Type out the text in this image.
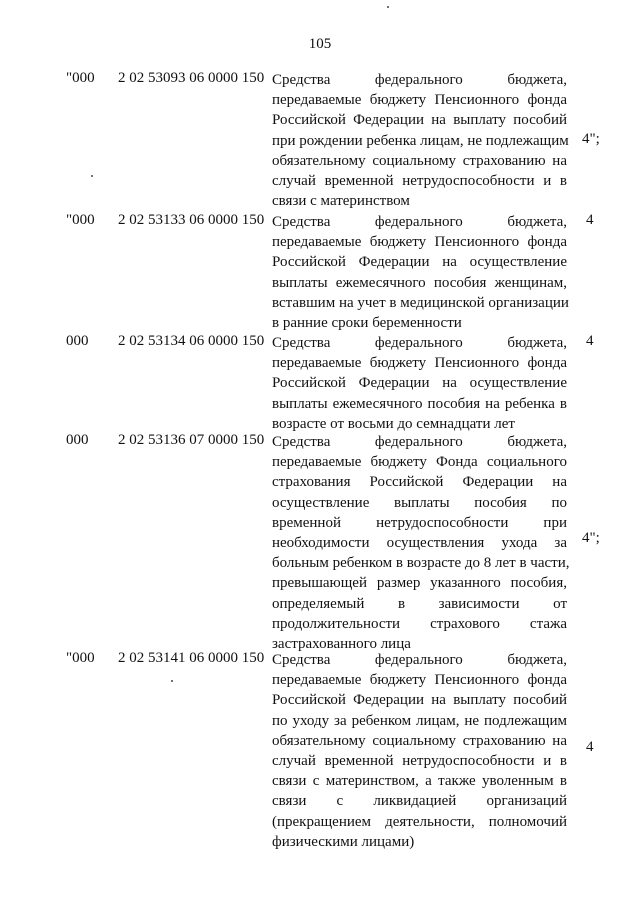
105
"000 2 02 53093 06 0000 150 Средства федерального бюджета,
передаваемые бюджету Пенсионного фонда
Российской Федерации на выплату пособий
при рождении ребенка лицам, не подлежащим
обязательному социальному страхованию на
случай временной нетрудоспособности и в
связи с материнством
4";
"000 2 02 53133 06 0000 150 Средства федерального бюджета,
передаваемые бюджету Пенсионного фонда
Российской Федерации на осуществление
выплаты ежемесячного пособия женщинам,
вставшим на учет в медицинской организации
в ранние сроки беременности
4
000 2 02 53134 06 0000 150 Средства федерального бюджета,
передаваемые бюджету Пенсионного фонда
Российской Федерации на осуществление
выплаты ежемесячного пособия на ребенка в
возрасте от восьми до семнадцати лет
4
000 2 02 53136 07 0000 150 Средства федерального бюджета,
передаваемые бюджету Фонда социального
страхования Российской Федерации на
осуществление выплаты пособия по
временной нетрудоспособности при
необходимости осуществления ухода за
больным ребенком в возрасте до 8 лет в части,
превышающей размер указанного пособия,
определяемый в зависимости от
продолжительности страхового стажа
застрахованного лица
4";
"000 2 02 53141 06 0000 150 Средства федерального бюджета,
передаваемые бюджету Пенсионного фонда
Российской Федерации на выплату пособий
по уходу за ребенком лицам, не подлежащим
обязательному социальному страхованию на
случай временной нетрудоспособности и в
связи с материнством, а также уволенным в
связи с ликвидацией организаций
(прекращением деятельности, полномочий
физическими лицами)
4
